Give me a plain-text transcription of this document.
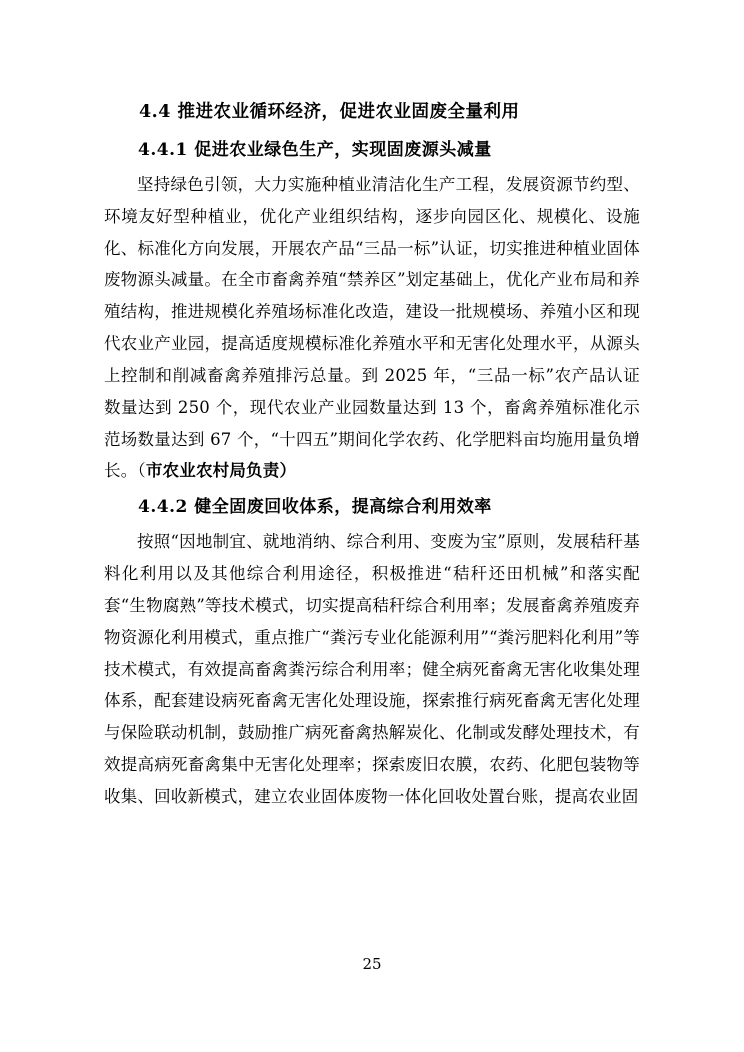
4.4 推进农业循环经济，促进农业固废全量利用
4.4.1 促进农业绿色生产，实现固废源头减量

坚持绿色引领，大力实施种植业清洁化生产工程，发展资源节约型、环境友好型种植业，优化产业组织结构，逐步向园区化、规模化、设施化、标准化方向发展，开展农产品“三品一标”认证，切实推进种植业固体废物源头减量。在全市畜禽养殖“禁养区”划定基础上，优化产业布局和养殖结构，推进规模化养殖场标准化改造，建设一批规模场、养殖小区和现代农业产业园，提高适度规模标准化养殖水平和无害化处理水平，从源头上控制和削减畜禽养殖排污总量。到 2025 年，“三品一标”农产品认证数量达到 250 个，现代农业产业园数量达到 13 个，畜禽养殖标准化示范场数量达到 67 个，“十四五”期间化学农药、化学肥料亩均施用量负增长。（市农业农村局负责）

4.4.2 健全固废回收体系，提高综合利用效率

按照“因地制宜、就地消纳、综合利用、变废为宝”原则，发展秸秆基料化利用以及其他综合利用途径，积极推进“秸秆还田机械”和落实配套“生物腐熟”等技术模式，切实提高秸秆综合利用率；发展畜禽养殖废弃物资源化利用模式，重点推广“粪污专业化能源利用”“粪污肥料化利用”等技术模式，有效提高畜禽粪污综合利用率；健全病死畜禽无害化收集处理体系，配套建设病死畜禽无害化处理设施，探索推行病死畜禽无害化处理与保险联动机制，鼓励推广病死畜禽热解炭化、化制或发酵处理技术，有效提高病死畜禽集中无害化处理率；探索废旧农膜，农药、化肥包装物等收集、回收新模式，建立农业固体废物一体化回收处置台账，提高农业固

25
